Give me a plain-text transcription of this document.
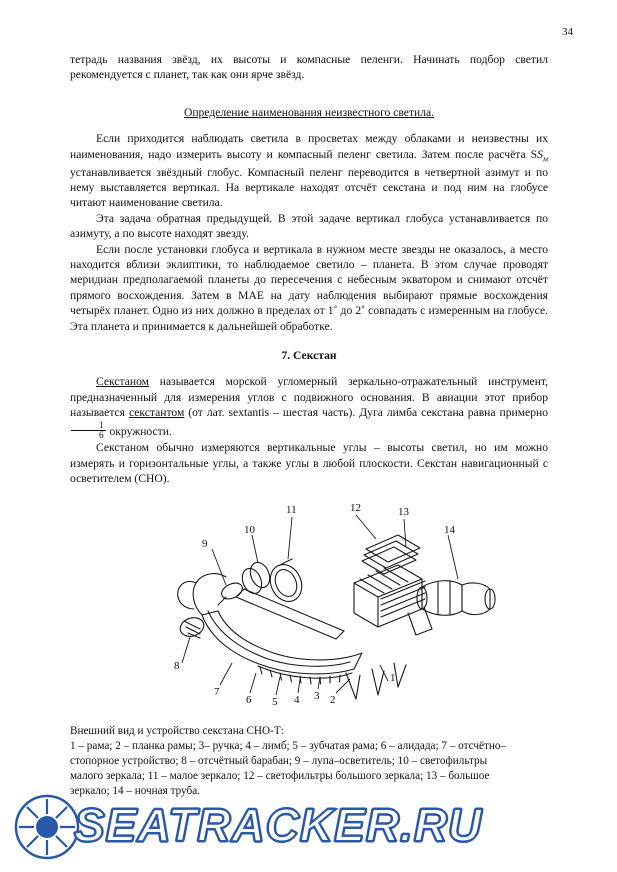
34

тетрадь названия звёзд, их высоты и компасные пеленги. Начинать подбор светил рекомендуется с планет, так как они ярче звёзд.

Определение наименования неизвестного светила.

Если приходится наблюдать светила в просветах между облаками и неизвестны их наименования, надо измерить высоту и компасный пеленг светила. Затем после расчёта $SS_м$ устанавливается звёздный глобус. Компасный пеленг переводится в четвертной азимут и по нему выставляется вертикал. На вертикале находят отсчёт секстана и под ним на глобусе читают наименование светила.

Эта задача обратная предыдущей. В этой задаче вертикал глобуса устанавливается по азимуту, а по высоте находят звезду.

Если после установки глобуса и вертикала в нужном месте звезды не оказалось, а место находится вблизи эклиптики, то наблюдаемое светило – планета. В этом случае проводят меридиан предполагаемой планеты до пересечения с небесным экватором и снимают отсчёт прямого восхождения. Затем в МАЕ на дату наблюдения выбирают прямые восхождения четырёх планет. Одно из них должно в пределах от 1˚ до 2˚ совпадать с измеренным на глобусе. Эта планета и принимается к дальнейшей обработке.

7. Секстан

Секстаном называется морской угломерный зеркально-отражательный инструмент, предназначенный для измерения углов с подвижного основания. В авиации этот прибор называется секстантом (от лат. sextantis – шестая часть). Дуга лимба секстана равна примерно
$\frac{1}{6}$ окружности.

Секстаном обычно измеряются вертикальные углы – высоты светил, но им можно измерять и горизонтальные углы, а также углы в любой плоскости. Секстан навигационный с осветителем (СНО).

11	12	13
10	14
9
8
7
6 5 4 3 2
1
Внешний вид и устройство секстана СНО-Т:
1 – рама; 2 – планка рамы; 3– ручка; 4 – лимб; 5 – зубчатая рама; 6 – алидада; 7 – отсчётно–
стопорное устройство; 8 – отсчётный барабан; 9 – лупа–осветитель; 10 – светофильтры
малого зеркала; 11 – малое зеркало; 12 – светофильтры большого зеркала; 13 – большое
зеркало; 14 – ночная труба.
SEATRACKER.RU
